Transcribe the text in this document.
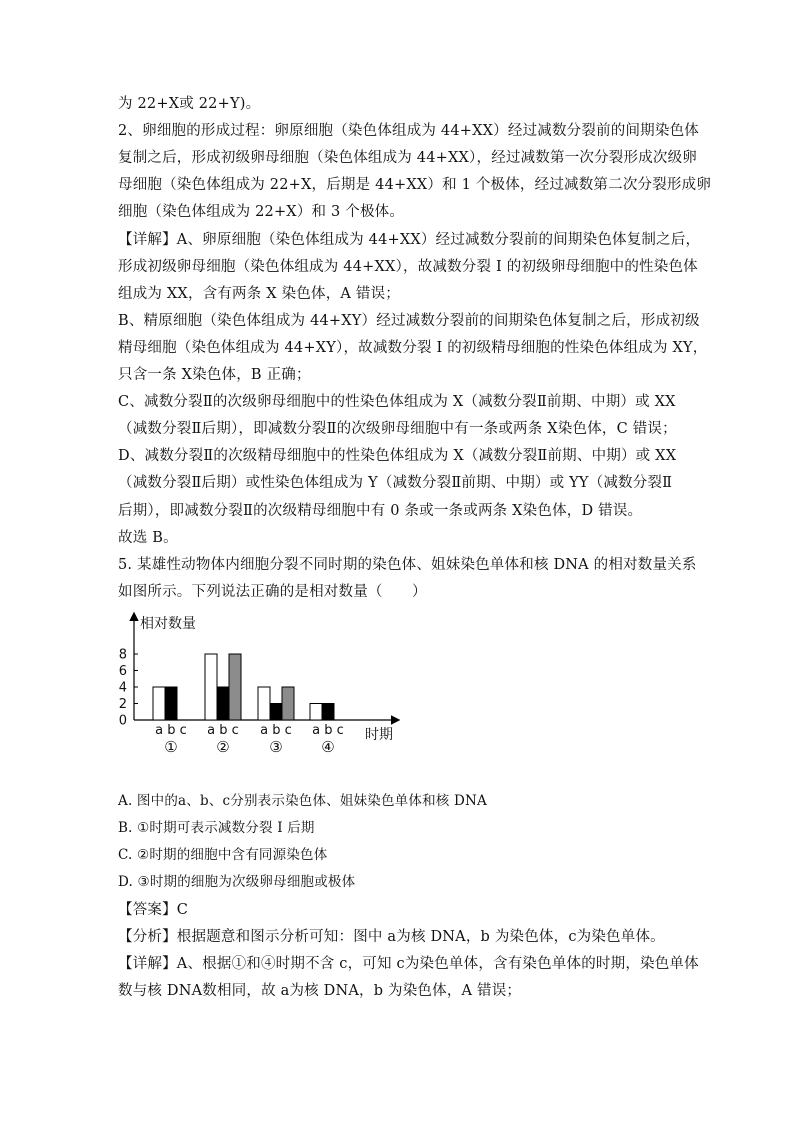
为 22+X或 22+Y)。
2、卵细胞的形成过程：卵原细胞（染色体组成为 44+XX）经过减数分裂前的间期染色体
复制之后，形成初级卵母细胞（染色体组成为 44+XX），经过减数第一次分裂形成次级卵
母细胞（染色体组成为 22+X，后期是 44+XX）和 1 个极体，经过减数第二次分裂形成卵
细胞（染色体组成为 22+X）和 3 个极体。
【详解】A、卵原细胞（染色体组成为 44+XX）经过减数分裂前的间期染色体复制之后，
形成初级卵母细胞（染色体组成为 44+XX），故减数分裂 I 的初级卵母细胞中的性染色体
组成为 XX，含有两条 X 染色体，A 错误；
B、精原细胞（染色体组成为 44+XY）经过减数分裂前的间期染色体复制之后，形成初级
精母细胞（染色体组成为 44+XY），故减数分裂 I 的初级精母细胞的性染色体组成为 XY，
只含一条 X染色体，B 正确；
C、减数分裂Ⅱ的次级卵母细胞中的性染色体组成为 X（减数分裂Ⅱ前期、中期）或 XX
（减数分裂Ⅱ后期），即减数分裂Ⅱ的次级卵母细胞中有一条或两条 X染色体，C 错误；
D、减数分裂Ⅱ的次级精母细胞中的性染色体组成为 X（减数分裂Ⅱ前期、中期）或 XX
（减数分裂Ⅱ后期）或性染色体组成为 Y（减数分裂Ⅱ前期、中期）或 YY（减数分裂Ⅱ
后期），即减数分裂Ⅱ的次级精母细胞中有 0 条或一条或两条 X染色体，D 错误。
故选 B。
5. 某雄性动物体内细胞分裂不同时期的染色体、姐妹染色单体和核 DNA 的相对数量关系
如图所示。下列说法正确的是相对数量（　　）
相对数量
时期
0
2
4
6
8
a b c
①
a b c
②
a b c
③
a b c
④
A. 图中的a、b、c分别表示染色体、姐妹染色单体和核 DNA
B. ①时期可表示减数分裂 I 后期
C. ②时期的细胞中含有同源染色体
D. ③时期的细胞为次级卵母细胞或极体
【答案】C
【分析】根据题意和图示分析可知：图中 a为核 DNA，b 为染色体，c为染色单体。
【详解】A、根据①和④时期不含 c，可知 c为染色单体，含有染色单体的时期，染色单体
数与核 DNA数相同，故 a为核 DNA，b 为染色体，A 错误；
